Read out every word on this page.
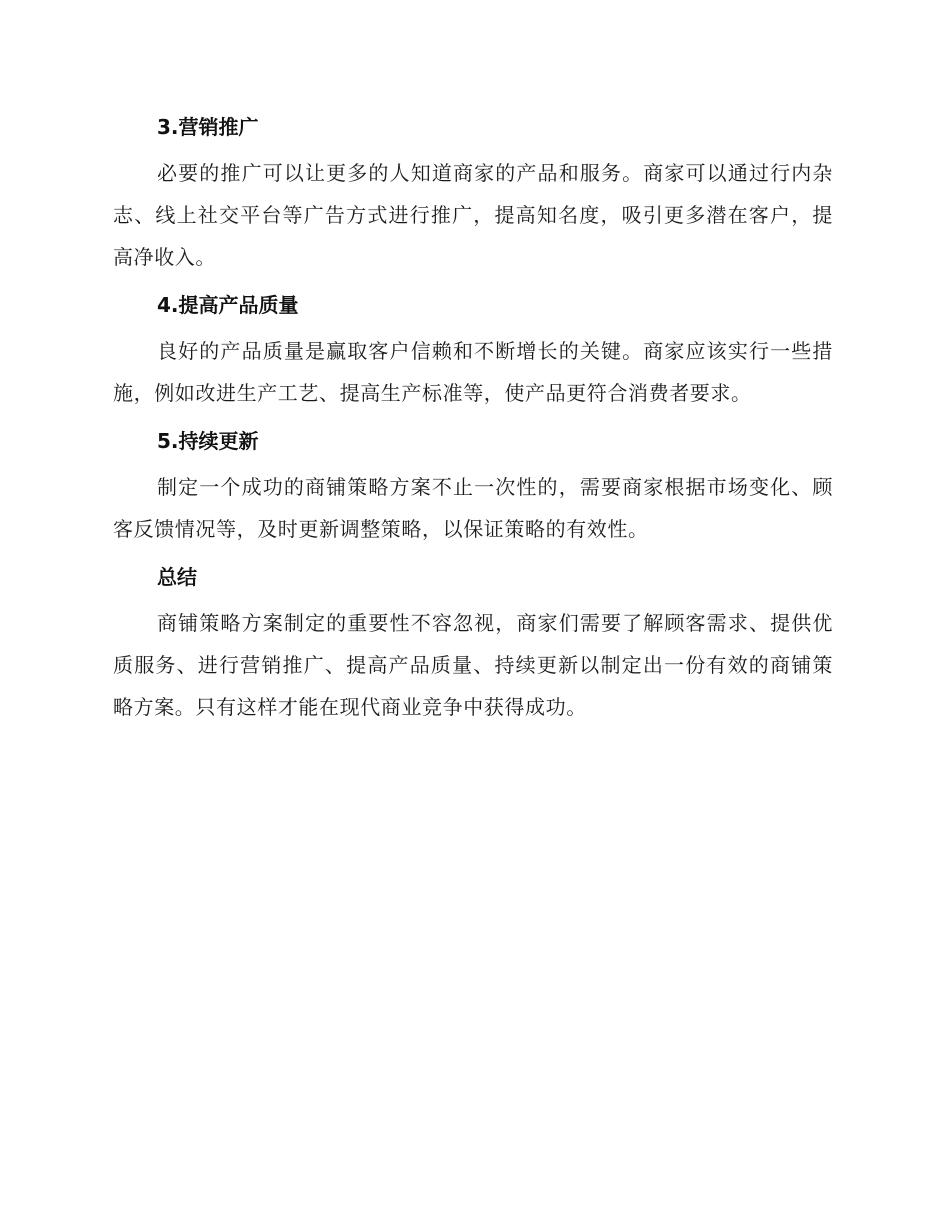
3.营销推广

必要的推广可以让更多的人知道商家的产品和服务。商家可以通过行内杂志、线上社交平台等广告方式进行推广，提高知名度，吸引更多潜在客户，提高净收入。

4.提高产品质量

良好的产品质量是赢取客户信赖和不断增长的关键。商家应该实行一些措施，例如改进生产工艺、提高生产标准等，使产品更符合消费者要求。

5.持续更新

制定一个成功的商铺策略方案不止一次性的，需要商家根据市场变化、顾客反馈情况等，及时更新调整策略，以保证策略的有效性。

总结

商铺策略方案制定的重要性不容忽视，商家们需要了解顾客需求、提供优质服务、进行营销推广、提高产品质量、持续更新以制定出一份有效的商铺策略方案。只有这样才能在现代商业竞争中获得成功。
